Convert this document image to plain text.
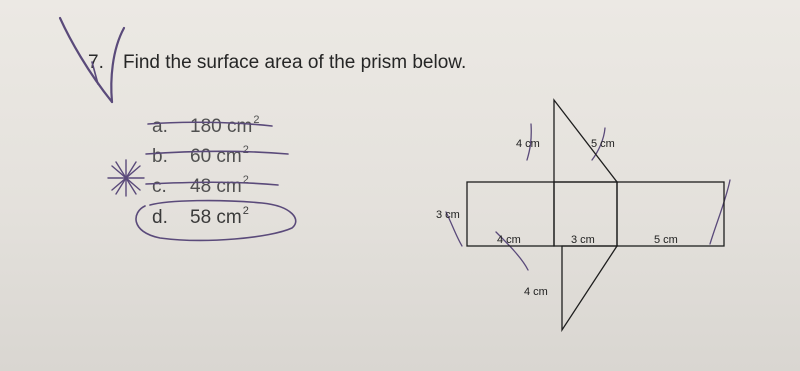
7. Find the surface area of the prism below.
a. 180 $cm^2$
b. 60 $cm^2$
c. 48 $cm^2$
d. 58 $cm^2$
4 cm	5 cm
3 cm
4 cm	3 cm	5 cm
4 cm
